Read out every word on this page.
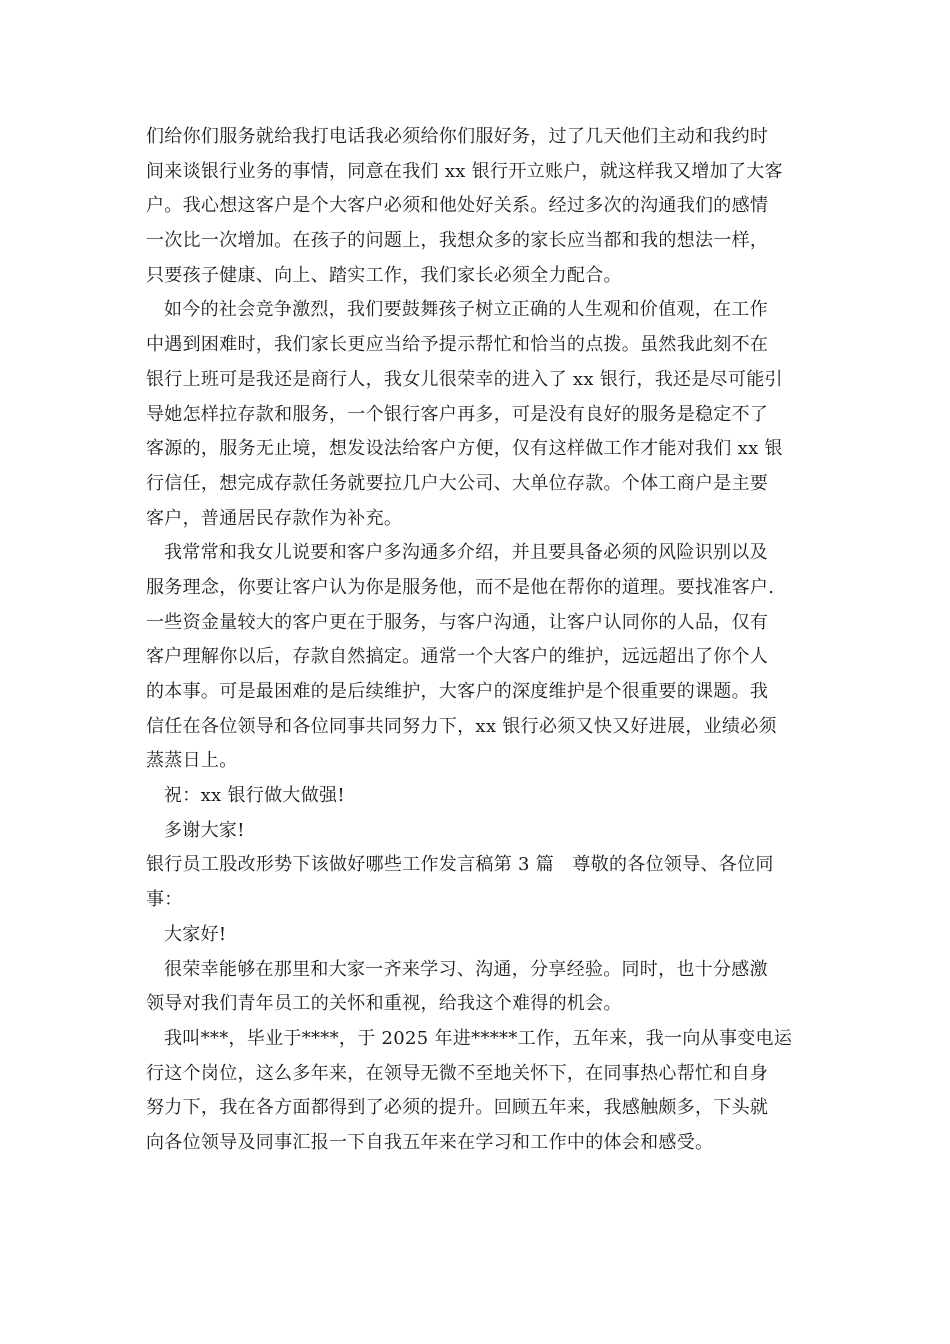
们给你们服务就给我打电话我必须给你们服好务，过了几天他们主动和我约时
间来谈银行业务的事情，同意在我们 xx 银行开立账户，就这样我又增加了大客
户。我心想这客户是个大客户必须和他处好关系。经过多次的沟通我们的感情
一次比一次增加。在孩子的问题上，我想众多的家长应当都和我的想法一样，
只要孩子健康、向上、踏实工作，我们家长必须全力配合。
如今的社会竞争激烈，我们要鼓舞孩子树立正确的人生观和价值观，在工作
中遇到困难时，我们家长更应当给予提示帮忙和恰当的点拨。虽然我此刻不在
银行上班可是我还是商行人，我女儿很荣幸的进入了 xx 银行，我还是尽可能引
导她怎样拉存款和服务，一个银行客户再多，可是没有良好的服务是稳定不了
客源的，服务无止境，想发设法给客户方便，仅有这样做工作才能对我们 xx 银
行信任，想完成存款任务就要拉几户大公司、大单位存款。个体工商户是主要
客户，普通居民存款作为补充。
我常常和我女儿说要和客户多沟通多介绍，并且要具备必须的风险识别以及
服务理念，你要让客户认为你是服务他，而不是他在帮你的道理。要找准客户.
一些资金量较大的客户更在于服务，与客户沟通，让客户认同你的人品，仅有
客户理解你以后，存款自然搞定。通常一个大客户的维护，远远超出了你个人
的本事。可是最困难的是后续维护，大客户的深度维护是个很重要的课题。我
信任在各位领导和各位同事共同努力下，xx 银行必须又快又好进展，业绩必须
蒸蒸日上。
祝：xx 银行做大做强!
多谢大家!
银行员工股改形势下该做好哪些工作发言稿第 3 篇　尊敬的各位领导、各位同
事：
大家好!
很荣幸能够在那里和大家一齐来学习、沟通，分享经验。同时，也十分感激
领导对我们青年员工的关怀和重视，给我这个难得的机会。
我叫***，毕业于****，于 2025 年进*****工作，五年来，我一向从事变电运
行这个岗位，这么多年来，在领导无微不至地关怀下，在同事热心帮忙和自身
努力下，我在各方面都得到了必须的提升。回顾五年来，我感触颇多，下头就
向各位领导及同事汇报一下自我五年来在学习和工作中的体会和感受。
